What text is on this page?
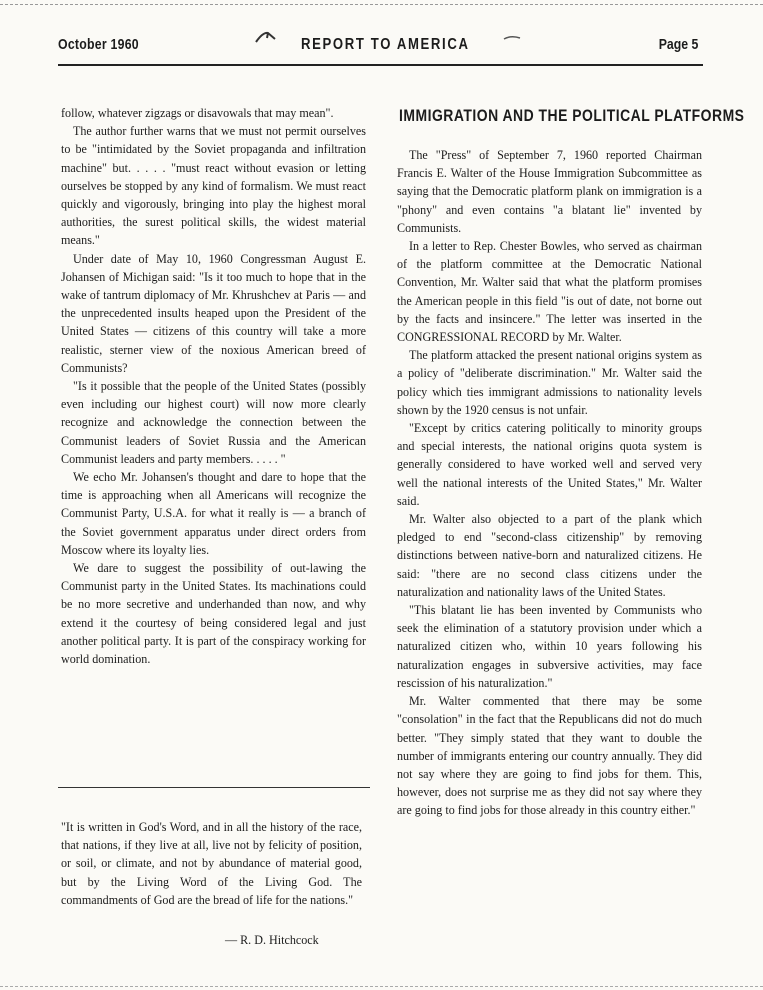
October 1960	REPORT TO AMERICA	Page 5

follow, whatever zigzags or disavowals that may mean".

The author further warns that we must not permit ourselves to be "intimidated by the Soviet propaganda and infiltration machine" but. . . . . "must react without evasion or letting ourselves be stopped by any kind of formalism. We must react quickly and vigorously, bringing into play the highest moral authorities, the surest political skills, the widest material means."

Under date of May 10, 1960 Congressman August E. Johansen of Michigan said: "Is it too much to hope that in the wake of tantrum diplomacy of Mr. Khrushchev at Paris — and the unprecedented insults heaped upon the President of the United States — citizens of this country will take a more realistic, sterner view of the noxious American breed of Communists?

"Is it possible that the people of the United States (possibly even including our highest court) will now more clearly recognize and acknowledge the connection between the Communist leaders of Soviet Russia and the American Communist leaders and party members. . . . . "

We echo Mr. Johansen's thought and dare to hope that the time is approaching when all Americans will recognize the Communist Party, U.S.A. for what it really is — a branch of the Soviet government apparatus under direct orders from Moscow where its loyalty lies.

We dare to suggest the possibility of out-lawing the Communist party in the United States. Its machinations could be no more secretive and underhanded than now, and why extend it the courtesy of being considered legal and just another political party. It is part of the conspiracy working for world domination.

"It is written in God's Word, and in all the history of the race, that nations, if they live at all, live not by felicity of position, or soil, or climate, and not by abundance of material good, but by the Living Word of the Living God. The commandments of God are the bread of life for the nations."

— R. D. Hitchcock
IMMIGRATION AND THE POLITICAL PLATFORMS

The "Press" of September 7, 1960 reported Chairman Francis E. Walter of the House Immigration Subcommittee as saying that the Democratic platform plank on immigration is a "phony" and even contains "a blatant lie" invented by Communists.

In a letter to Rep. Chester Bowles, who served as chairman of the platform committee at the Democratic National Convention, Mr. Walter said that what the platform promises the American people in this field "is out of date, not borne out by the facts and insincere." The letter was inserted in the CONGRESSIONAL RECORD by Mr. Walter.

The platform attacked the present national origins system as a policy of "deliberate discrimination." Mr. Walter said the policy which ties immigrant admissions to nationality levels shown by the 1920 census is not unfair.

"Except by critics catering politically to minority groups and special interests, the national origins quota system is generally considered to have worked well and served very well the national interests of the United States," Mr. Walter said.

Mr. Walter also objected to a part of the plank which pledged to end "second-class citizenship" by removing distinctions between native-born and naturalized citizens. He said: "there are no second class citizens under the naturalization and nationality laws of the United States.

"This blatant lie has been invented by Communists who seek the elimination of a statutory provision under which a naturalized citizen who, within 10 years following his naturalization engages in subversive activities, may face rescission of his naturalization."

Mr. Walter commented that there may be some "consolation" in the fact that the Republicans did not do much better. "They simply stated that they want to double the number of immigrants entering our country annually. They did not say where they are going to find jobs for them. This, however, does not surprise me as they did not say where they are going to find jobs for those already in this country either."
